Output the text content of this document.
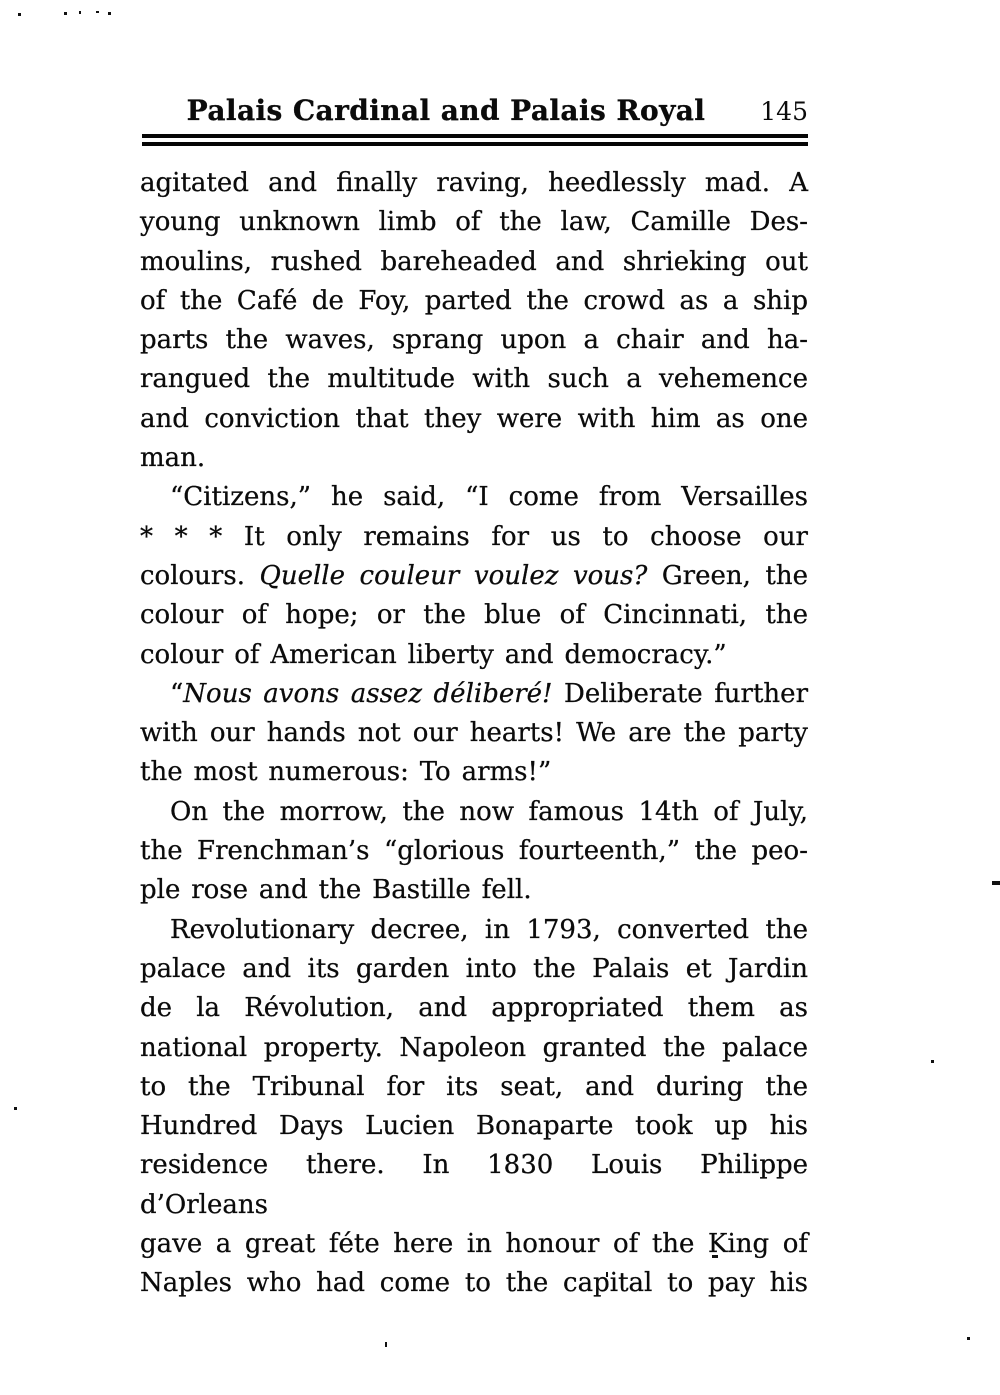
Palais Cardinal and Palais Royal	145
agitated and finally raving, heedlessly mad. A
young unknown limb of the law, Camille Des-
moulins, rushed bareheaded and shrieking out
of the Café de Foy, parted the crowd as a ship
parts the waves, sprang upon a chair and ha-
rangued the multitude with such a vehemence
and conviction that they were with him as one
man.
“Citizens,” he said, “I come from Versailles
* * * It only remains for us to choose our
colours. Quelle couleur voulez vous? Green, the
colour of hope; or the blue of Cincinnati, the
colour of American liberty and democracy.”
“Nous avons assez déliberé! Deliberate further
with our hands not our hearts! We are the party
the most numerous: To arms!”
On the morrow, the now famous 14th of July,
the Frenchman’s “glorious fourteenth,” the peo-
ple rose and the Bastille fell.
Revolutionary decree, in 1793, converted the
palace and its garden into the Palais et Jardin
de la Révolution, and appropriated them as
national property. Napoleon granted the palace
to the Tribunal for its seat, and during the
Hundred Days Lucien Bonaparte took up his
residence there. In 1830 Louis Philippe d’Orleans
gave a great féte here in honour of the King of
Naples who had come to the capital to pay his
